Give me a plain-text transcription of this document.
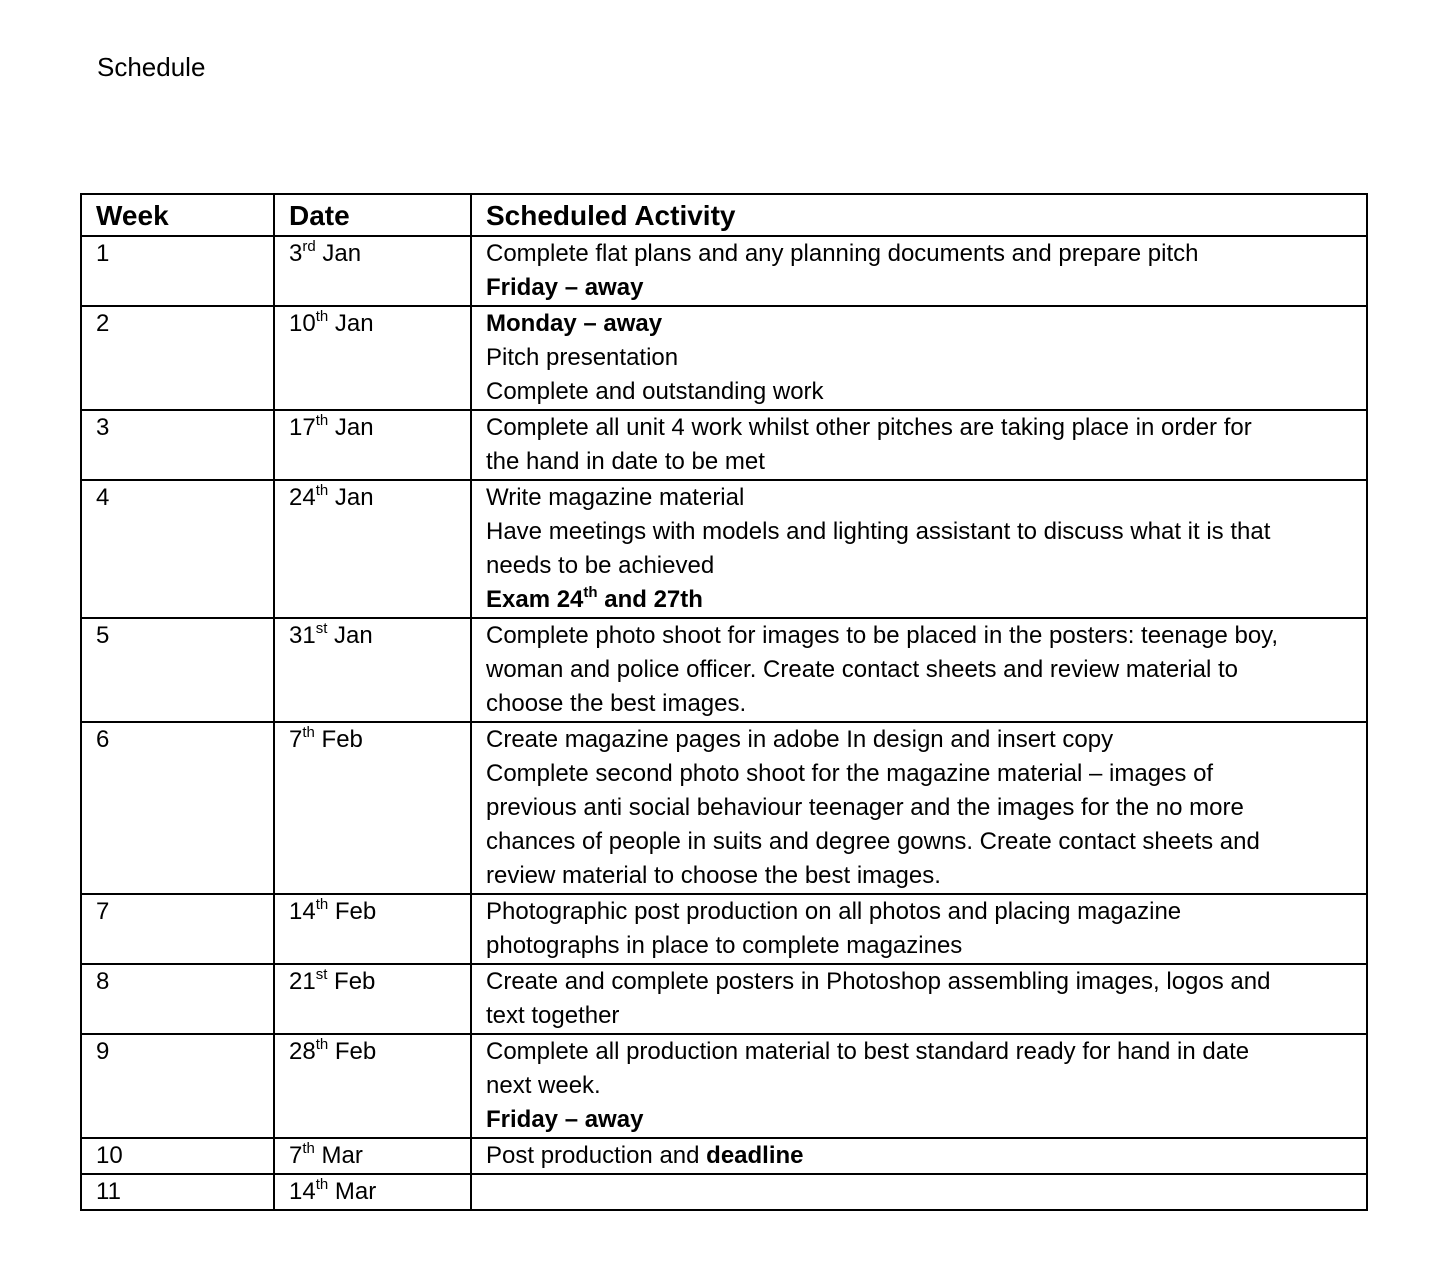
Schedule
Week	Date	Scheduled Activity
1	3rd Jan	Complete flat plans and any planning documents and prepare pitch
Friday – away

2	10th Jan	Monday – away
Pitch presentation
Complete and outstanding work

3	17th Jan	Complete all unit 4 work whilst other pitches are taking place in order for
the hand in date to be met

4	24th Jan	Write magazine material
Have meetings with models and lighting assistant to discuss what it is that
needs to be achieved
Exam 24th and 27th

5	31st Jan	Complete photo shoot for images to be placed in the posters: teenage boy,
woman and police officer. Create contact sheets and review material to
choose the best images.

6	7th Feb	Create magazine pages in adobe In design and insert copy
Complete second photo shoot for the magazine material – images of
previous anti social behaviour teenager and the images for the no more
chances of people in suits and degree gowns. Create contact sheets and
review material to choose the best images.

7	14th Feb	Photographic post production on all photos and placing magazine
photographs in place to complete magazines

8	21st Feb	Create and complete posters in Photoshop assembling images, logos and
text together

9	28th Feb	Complete all production material to best standard ready for hand in date
next week.
Friday – away

10	7th Mar	Post production and deadline

11	14th Mar	
